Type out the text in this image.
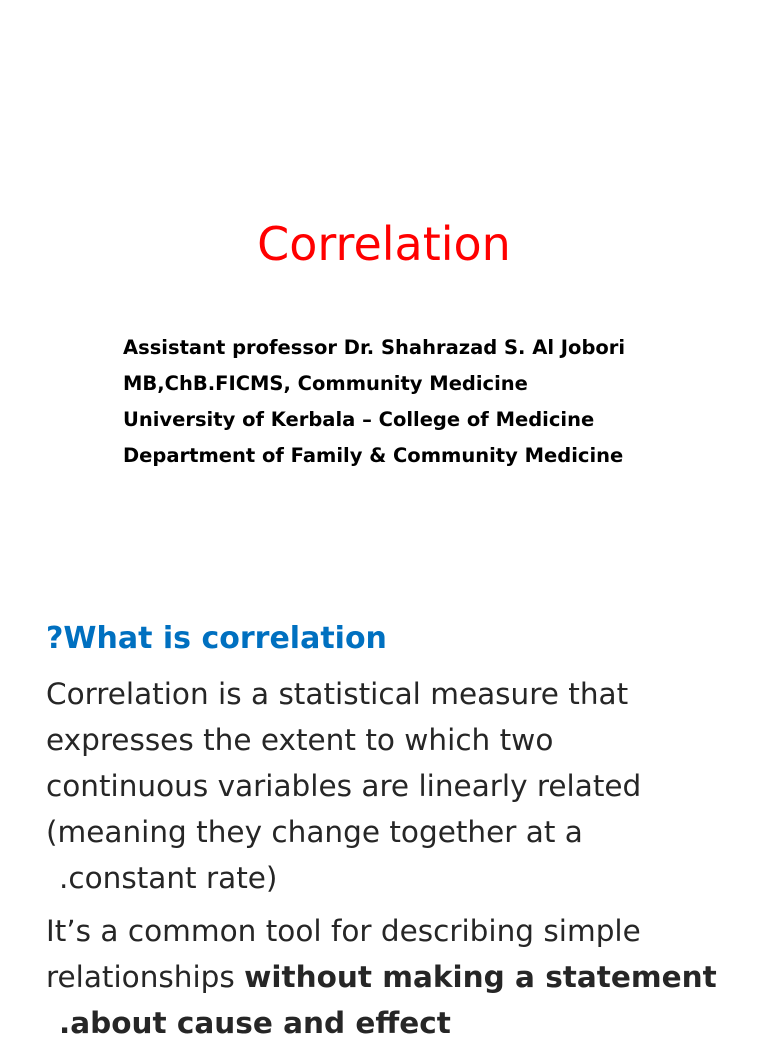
Correlation
Assistant professor Dr. Shahrazad S. Al Jobori
MB,ChB.FICMS, Community Medicine
University of Kerbala – College of Medicine
Department of Family & Community Medicine
?What is correlation
Correlation is a statistical measure that
expresses the extent to which two
continuous variables are linearly related
(meaning they change together at a
.constant rate)
It’s a common tool for describing simple
relationships without making a statement
.about cause and effect
